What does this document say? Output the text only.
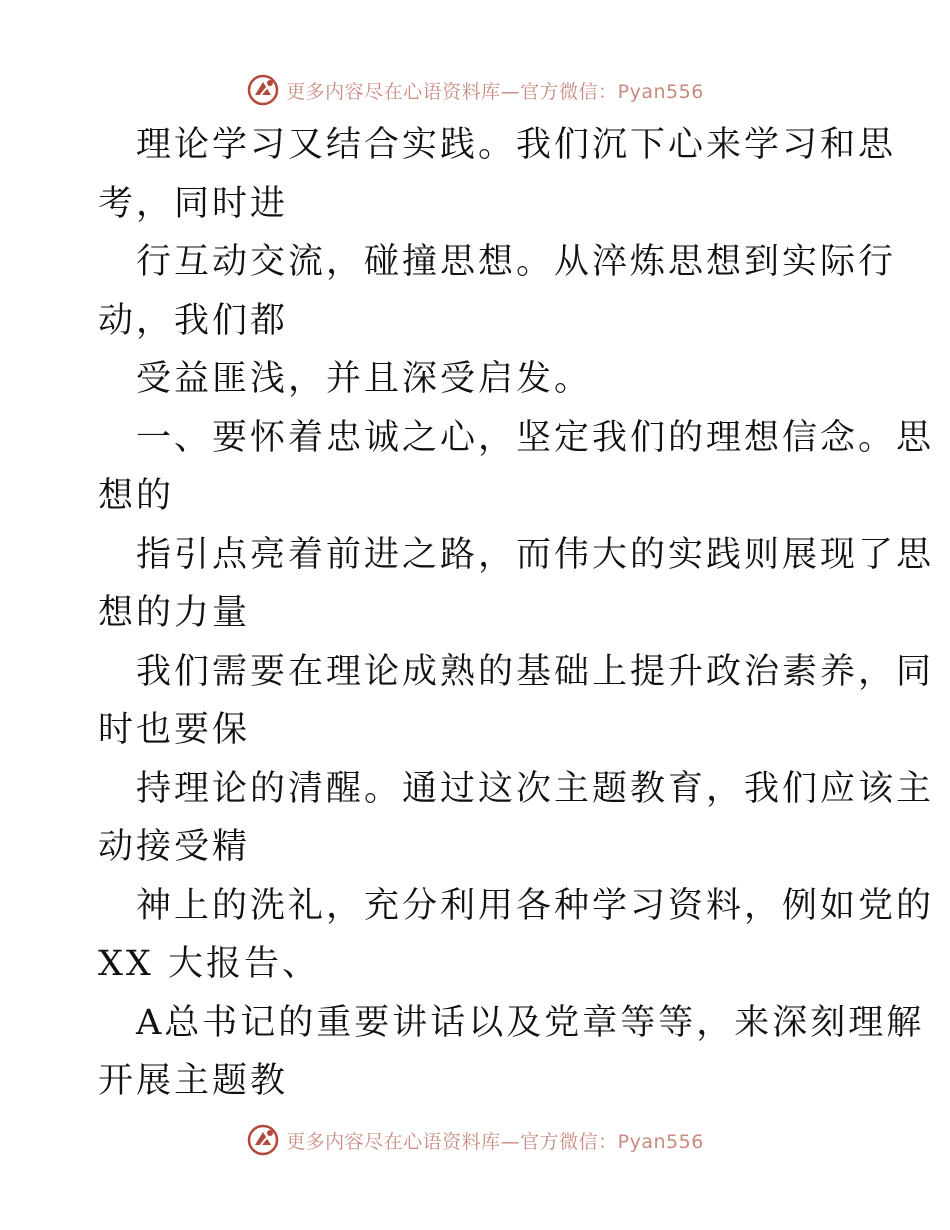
更多内容尽在心语资料库—官方微信：Pyan556
理论学习又结合实践。我们沉下心来学习和思
考，同时进
行互动交流，碰撞思想。从淬炼思想到实际行
动，我们都
受益匪浅，并且深受启发。
一、要怀着忠诚之心，坚定我们的理想信念。思
想的
指引点亮着前进之路，而伟大的实践则展现了思
想的力量
我们需要在理论成熟的基础上提升政治素养，同
时也要保
持理论的清醒。通过这次主题教育，我们应该主
动接受精
神上的洗礼，充分利用各种学习资料，例如党的
XX 大报告、
A总书记的重要讲话以及党章等等，来深刻理解
开展主题教
更多内容尽在心语资料库—官方微信：Pyan556
